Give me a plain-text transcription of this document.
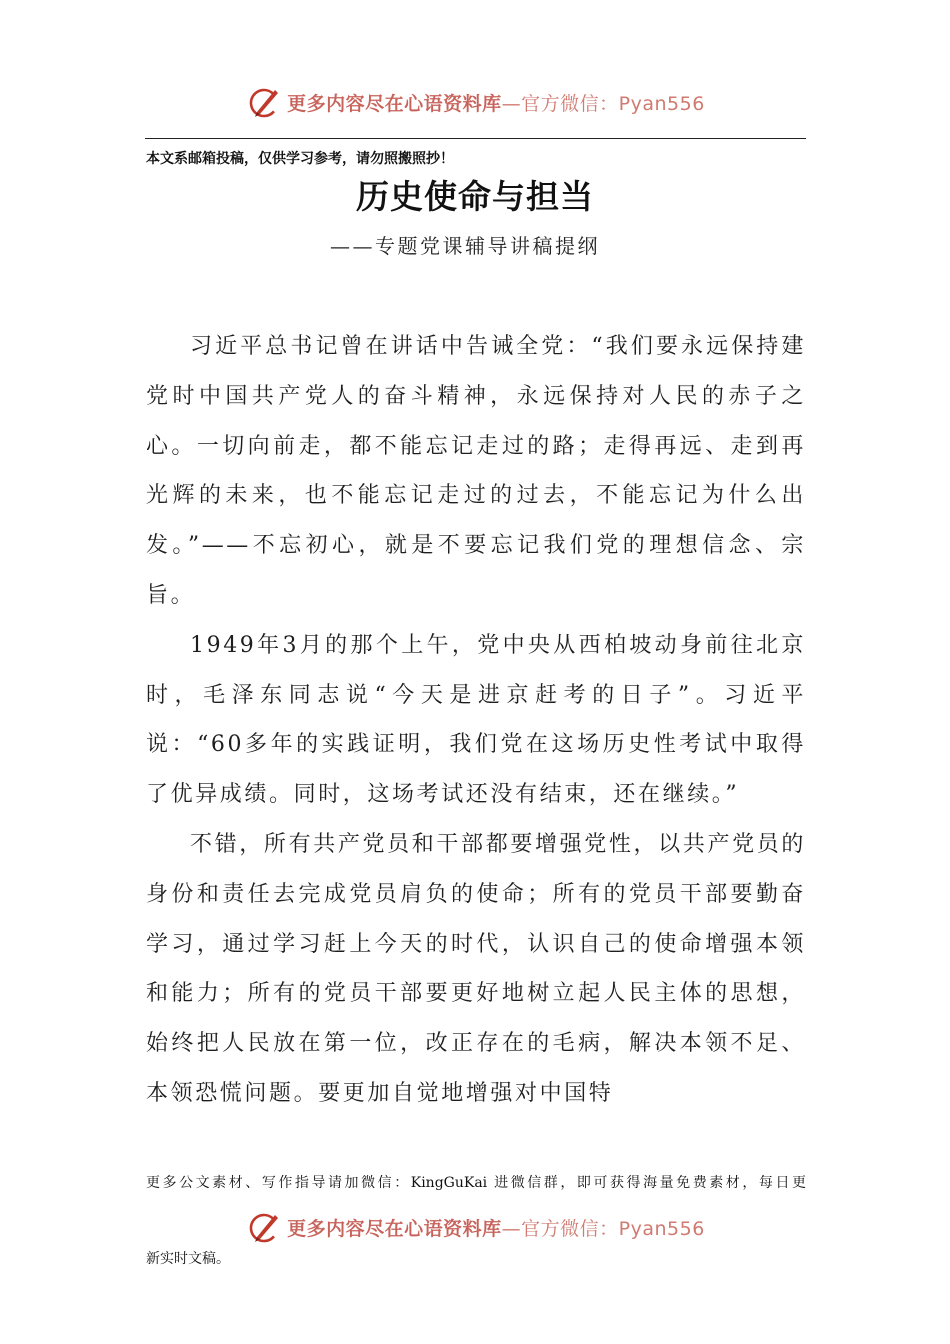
更多内容尽在心语资料库—官方微信：Pyan556
本文系邮箱投稿，仅供学习参考，请勿照搬照抄！
历史使命与担当
——专题党课辅导讲稿提纲

习近平总书记曾在讲话中告诫全党：“我们要永远保持建党时中国共产党人的奋斗精神，永远保持对人民的赤子之心。一切向前走，都不能忘记走过的路；走得再远、走到再光辉的未来，也不能忘记走过的过去，不能忘记为什么出发。”——不忘初心，就是不要忘记我们党的理想信念、宗旨。

1949年3月的那个上午，党中央从西柏坡动身前往北京时，毛泽东同志说“今天是进京赶考的日子”。习近平说：“60多年的实践证明，我们党在这场历史性考试中取得了优异成绩。同时，这场考试还没有结束，还在继续。”

不错，所有共产党员和干部都要增强党性，以共产党员的身份和责任去完成党员肩负的使命；所有的党员干部要勤奋学习，通过学习赶上今天的时代，认识自己的使命增强本领和能力；所有的党员干部要更好地树立起人民主体的思想，始终把人民放在第一位，改正存在的毛病，解决本领不足、本领恐慌问题。要更加自觉地增强对中国特

更多公文素材、写作指导请加微信：KingGuKai 进微信群，即可获得海量免费素材，每日更
更多内容尽在心语资料库—官方微信：Pyan556
新实时文稿。
